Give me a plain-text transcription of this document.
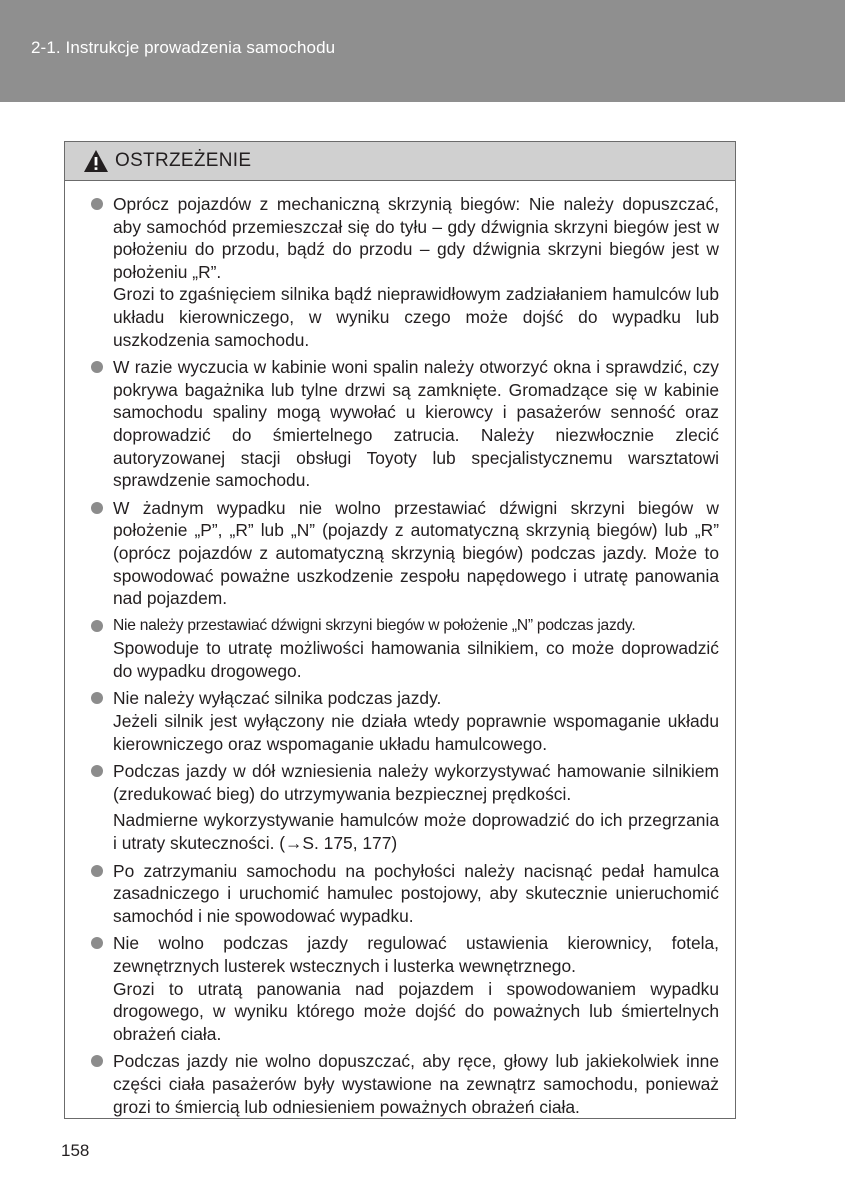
2-1. Instrukcje prowadzenia samochodu
OSTRZEŻENIE

Oprócz pojazdów z mechaniczną skrzynią biegów: Nie należy dopuszczać, aby samochód przemieszczał się do tyłu – gdy dźwignia skrzyni biegów jest w położeniu do przodu, bądź do przodu – gdy dźwignia skrzyni biegów jest w położeniu „R”.

Grozi to zgaśnięciem silnika bądź nieprawidłowym zadziałaniem hamulców lub układu kierowniczego, w wyniku czego może dojść do wypadku lub uszkodzenia samochodu.

W razie wyczucia w kabinie woni spalin należy otworzyć okna i sprawdzić, czy pokrywa bagażnika lub tylne drzwi są zamknięte. Gromadzące się w kabinie samochodu spaliny mogą wywołać u kierowcy i pasażerów senność oraz doprowadzić do śmiertelnego zatrucia. Należy niezwłocznie zlecić autoryzowanej stacji obsługi Toyoty lub specjalistycznemu warsztatowi sprawdzenie samochodu.

W żadnym wypadku nie wolno przestawiać dźwigni skrzyni biegów w położenie „P”, „R” lub „N” (pojazdy z automatyczną skrzynią biegów) lub „R” (oprócz pojazdów z automatyczną skrzynią biegów) podczas jazdy. Może to spowodować poważne uszkodzenie zespołu napędowego i utratę panowania nad pojazdem.

Nie należy przestawiać dźwigni skrzyni biegów w położenie „N” podczas jazdy.

Spowoduje to utratę możliwości hamowania silnikiem, co może doprowadzić do wypadku drogowego.

Nie należy wyłączać silnika podczas jazdy.

Jeżeli silnik jest wyłączony nie działa wtedy poprawnie wspomaganie układu kierowniczego oraz wspomaganie układu hamulcowego.

Podczas jazdy w dół wzniesienia należy wykorzystywać hamowanie silnikiem (zredukować bieg) do utrzymywania bezpiecznej prędkości.

Nadmierne wykorzystywanie hamulców może doprowadzić do ich przegrzania i utraty skuteczności. (→S. 175, 177)

Po zatrzymaniu samochodu na pochyłości należy nacisnąć pedał hamulca zasadniczego i uruchomić hamulec postojowy, aby skutecznie unieruchomić samochód i nie spowodować wypadku.

Nie wolno podczas jazdy regulować ustawienia kierownicy, fotela, zewnętrznych lusterek wstecznych i lusterka wewnętrznego.

Grozi to utratą panowania nad pojazdem i spowodowaniem wypadku drogowego, w wyniku którego może dojść do poważnych lub śmiertelnych obrażeń ciała.

Podczas jazdy nie wolno dopuszczać, aby ręce, głowy lub jakiekolwiek inne części ciała pasażerów były wystawione na zewnątrz samochodu, ponieważ grozi to śmiercią lub odniesieniem poważnych obrażeń ciała.

158
